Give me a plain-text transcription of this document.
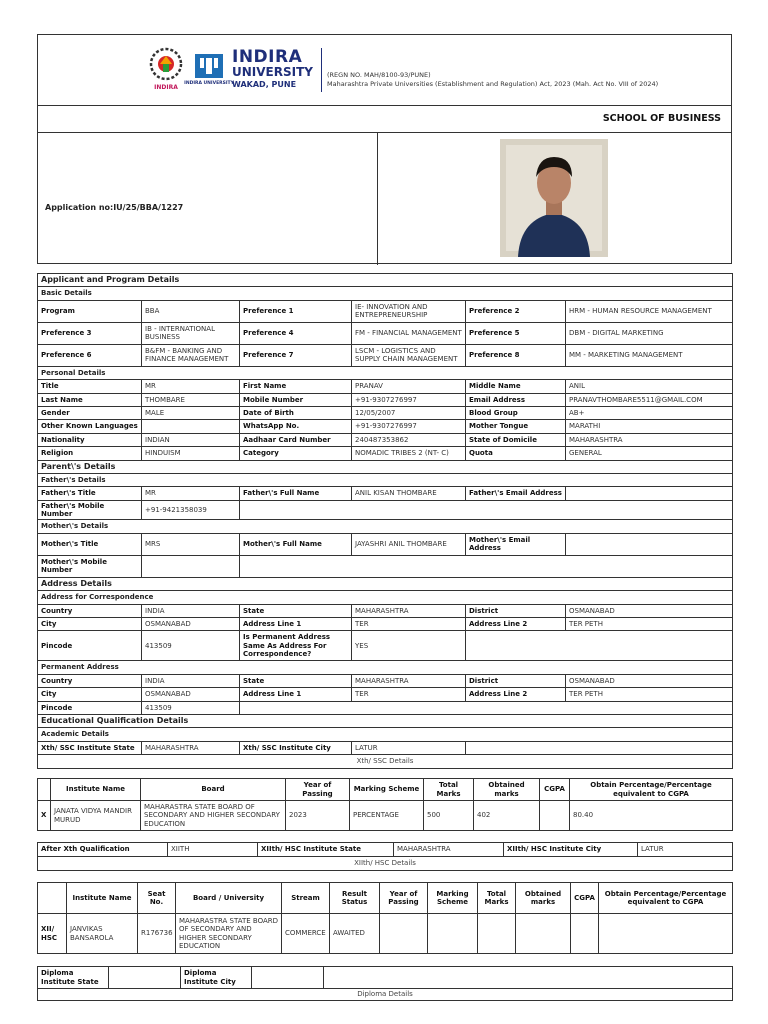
INDIRA
INDIRA UNIVERSITY
INDIRA
UNIVERSITY
WAKAD, PUNE
(REGN NO. MAH/8100-93/PUNE)
Maharashtra Private Universities (Establishment and Regulation) Act, 2023 (Mah. Act No. VIII of 2024)
SCHOOL OF BUSINESS
Application no:IU/25/BBA/1227
Applicant and Program Details					
Basic Details					
Program	BBA	Preference 1	IE- INNOVATION AND ENTREPRENEURSHIP	Preference 2	HRM - HUMAN RESOURCE MANAGEMENT
Preference 3	IB - INTERNATIONAL BUSINESS	Preference 4	FM - FINANCIAL MANAGEMENT	Preference 5	DBM - DIGITAL MARKETING
Preference 6	B&FM - BANKING AND FINANCE MANAGEMENT	Preference 7	LSCM - LOGISTICS AND SUPPLY CHAIN MANAGEMENT	Preference 8	MM - MARKETING MANAGEMENT
Personal Details					
Title	MR	First Name	PRANAV	Middle Name	ANIL
Last Name	THOMBARE	Mobile Number	+91-9307276997	Email Address	PRANAVTHOMBARE5511@GMAIL.COM
Gender	MALE	Date of Birth	12/05/2007	Blood Group	AB+
Other Known Languages		WhatsApp No.	+91-9307276997	Mother Tongue	MARATHI
Nationality	INDIAN	Aadhaar Card Number	240487353862	State of Domicile	MAHARASHTRA
Religion	HINDUISM	Category	NOMADIC TRIBES 2 (NT- C)	Quota	GENERAL
Parent\'s Details					
Father\'s Details					
Father\'s Title	MR	Father\'s Full Name	ANIL KISAN THOMBARE	Father\'s Email Address	
Father\'s Mobile Number	+91-9421358039				
Mother\'s Details					
Mother\'s Title	MRS	Mother\'s Full Name	JAYASHRI ANIL THOMBARE	Mother\'s Email Address	
Mother\'s Mobile Number					
Address Details					
Address for Correspondence					
Country	INDIA	State	MAHARASHTRA	District	OSMANABAD
City	OSMANABAD	Address Line 1	TER	Address Line 2	TER PETH
Pincode	413509	Is Permanent Address Same As Address For Correspondence?	YES		
Permanent Address					
Country	INDIA	State	MAHARASHTRA	District	OSMANABAD
City	OSMANABAD	Address Line 1	TER	Address Line 2	TER PETH
Pincode	413509				
Educational Qualification Details					
Academic Details					
Xth/ SSC Institute State	MAHARASHTRA	Xth/ SSC Institute City	LATUR		
Xth/ SSC Details					
	Institute Name	Board	Year of Passing	Marking Scheme	Total Marks	Obtained marks	CGPA	Obtain Percentage/Percentage equivalent to CGPA
X	JANATA VIDYA MANDIR MURUD	MAHARASTRA STATE BOARD OF SECONDARY AND HIGHER SECONDARY EDUCATION	2023	PERCENTAGE	500	402		80.40
After Xth Qualification	XIITH	XIIth/ HSC Institute State	MAHARASHTRA	XIIth/ HSC Institute City	LATUR
XIIth/ HSC Details
	Institute Name	Seat No.	Board / University	Stream	Result Status	Year of Passing	Marking Scheme	Total Marks	Obtained marks	CGPA	Obtain Percentage/Percentage equivalent to CGPA
XII/ HSC	JANVIKAS BANSAROLA	R176736	MAHARASTRA STATE BOARD OF SECONDARY AND HIGHER SECONDARY EDUCATION	COMMERCE	AWAITED						
Diploma Institute State		Diploma Institute City		
Diploma Details
